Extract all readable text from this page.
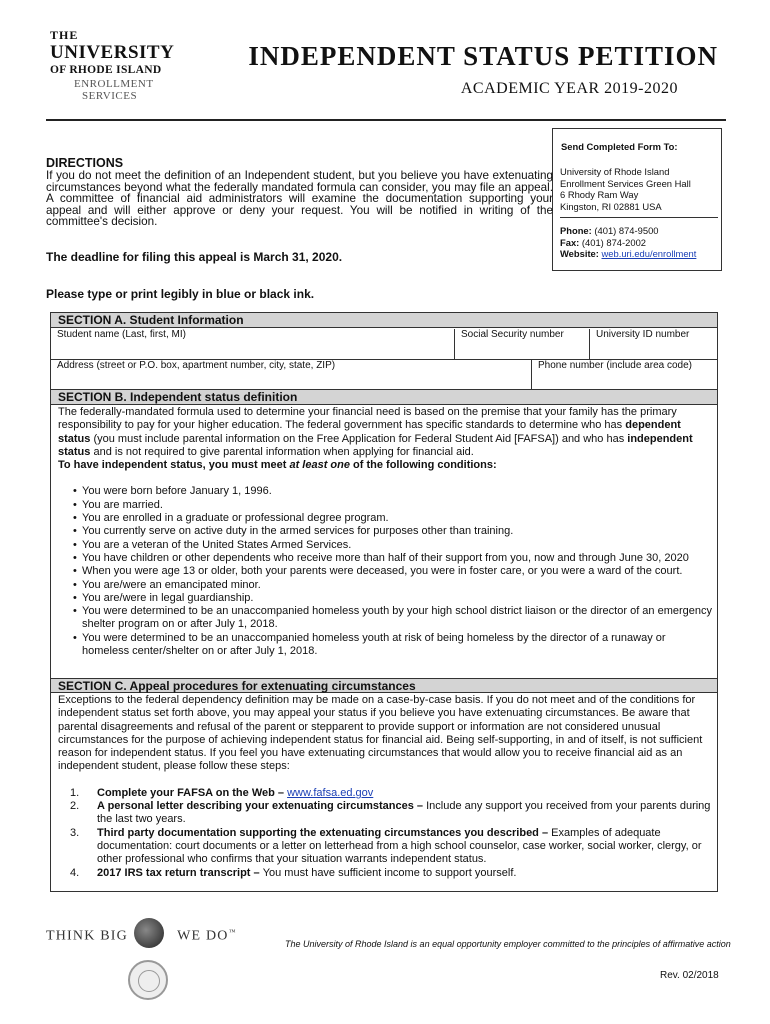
THE
UNIVERSITY
OF RHODE ISLAND
ENROLLMENT
SERVICES
INDEPENDENT STATUS PETITION
ACADEMIC YEAR 2019-2020
Send Completed Form To:
University of Rhode Island
Enrollment Services Green Hall
6 Rhody Ram Way
Kingston, RI 02881 USA
Phone: (401) 874-9500
Fax: (401) 874-2002
Website: web.uri.edu/enrollment
DIRECTIONS
If you do not meet the definition of an Independent student, but you believe you have extenuating circumstances beyond what the federally mandated formula can consider, you may file an appeal. A committee of financial aid administrators will examine the documentation supporting your appeal and will either approve or deny your request. You will be notified in writing of the committee's decision.
The deadline for filing this appeal is March 31, 2020.
Please type or print legibly in blue or black ink.
SECTION A. Student Information
Student name (Last, first, MI)	Social Security number	University ID number
Address (street or P.O. box, apartment number, city, state, ZIP)	Phone number (include area code)
SECTION B. Independent status definition
The federally-mandated formula used to determine your financial need is based on the premise that your family has the primary responsibility to pay for your higher education. The federal government has specific standards to determine who has dependent status (you must include parental information on the Free Application for Federal Student Aid [FAFSA]) and who has independent status and is not required to give parental information when applying for financial aid.
To have independent status, you must meet at least one of the following conditions:
• You were born before January 1, 1996.
• You are married.
• You are enrolled in a graduate or professional degree program.
• You currently serve on active duty in the armed services for purposes other than training.
• You are a veteran of the United States Armed Services.
• You have children or other dependents who receive more than half of their support from you, now and through June 30, 2020
• When you were age 13 or older, both your parents were deceased, you were in foster care, or you were a ward of the court.
• You are/were an emancipated minor.
• You are/were in legal guardianship.
• You were determined to be an unaccompanied homeless youth by your high school district liaison or the director of an emergency shelter program on or after July 1, 2018.
• You were determined to be an unaccompanied homeless youth at risk of being homeless by the director of a runaway or homeless center/shelter on or after July 1, 2018.
SECTION C. Appeal procedures for extenuating circumstances
Exceptions to the federal dependency definition may be made on a case-by-case basis. If you do not meet and of the conditions for independent status set forth above, you may appeal your status if you believe you have extenuating circumstances. Be aware that parental disagreements and refusal of the parent or stepparent to provide support or information are not considered unusual circumstances for the purpose of achieving independent status for financial aid. Being self-supporting, in and of itself, is not sufficient reason for independent status. If you feel you have extenuating circumstances that would allow you to receive financial aid as an independent student, please follow these steps:
1. Complete your FAFSA on the Web – www.fafsa.ed.gov
2. A personal letter describing your extenuating circumstances – Include any support you received from your parents during the last two years.
3. Third party documentation supporting the extenuating circumstances you described – Examples of adequate documentation: court documents or a letter on letterhead from a high school counselor, case worker, social worker, clergy, or other professional who confirms that your situation warrants independent status.
4. 2017 IRS tax return transcript – You must have sufficient income to support yourself.
THINK BIG	WE DO™
The University of Rhode Island is an equal opportunity employer committed to the principles of affirmative action
Rev. 02/2018
